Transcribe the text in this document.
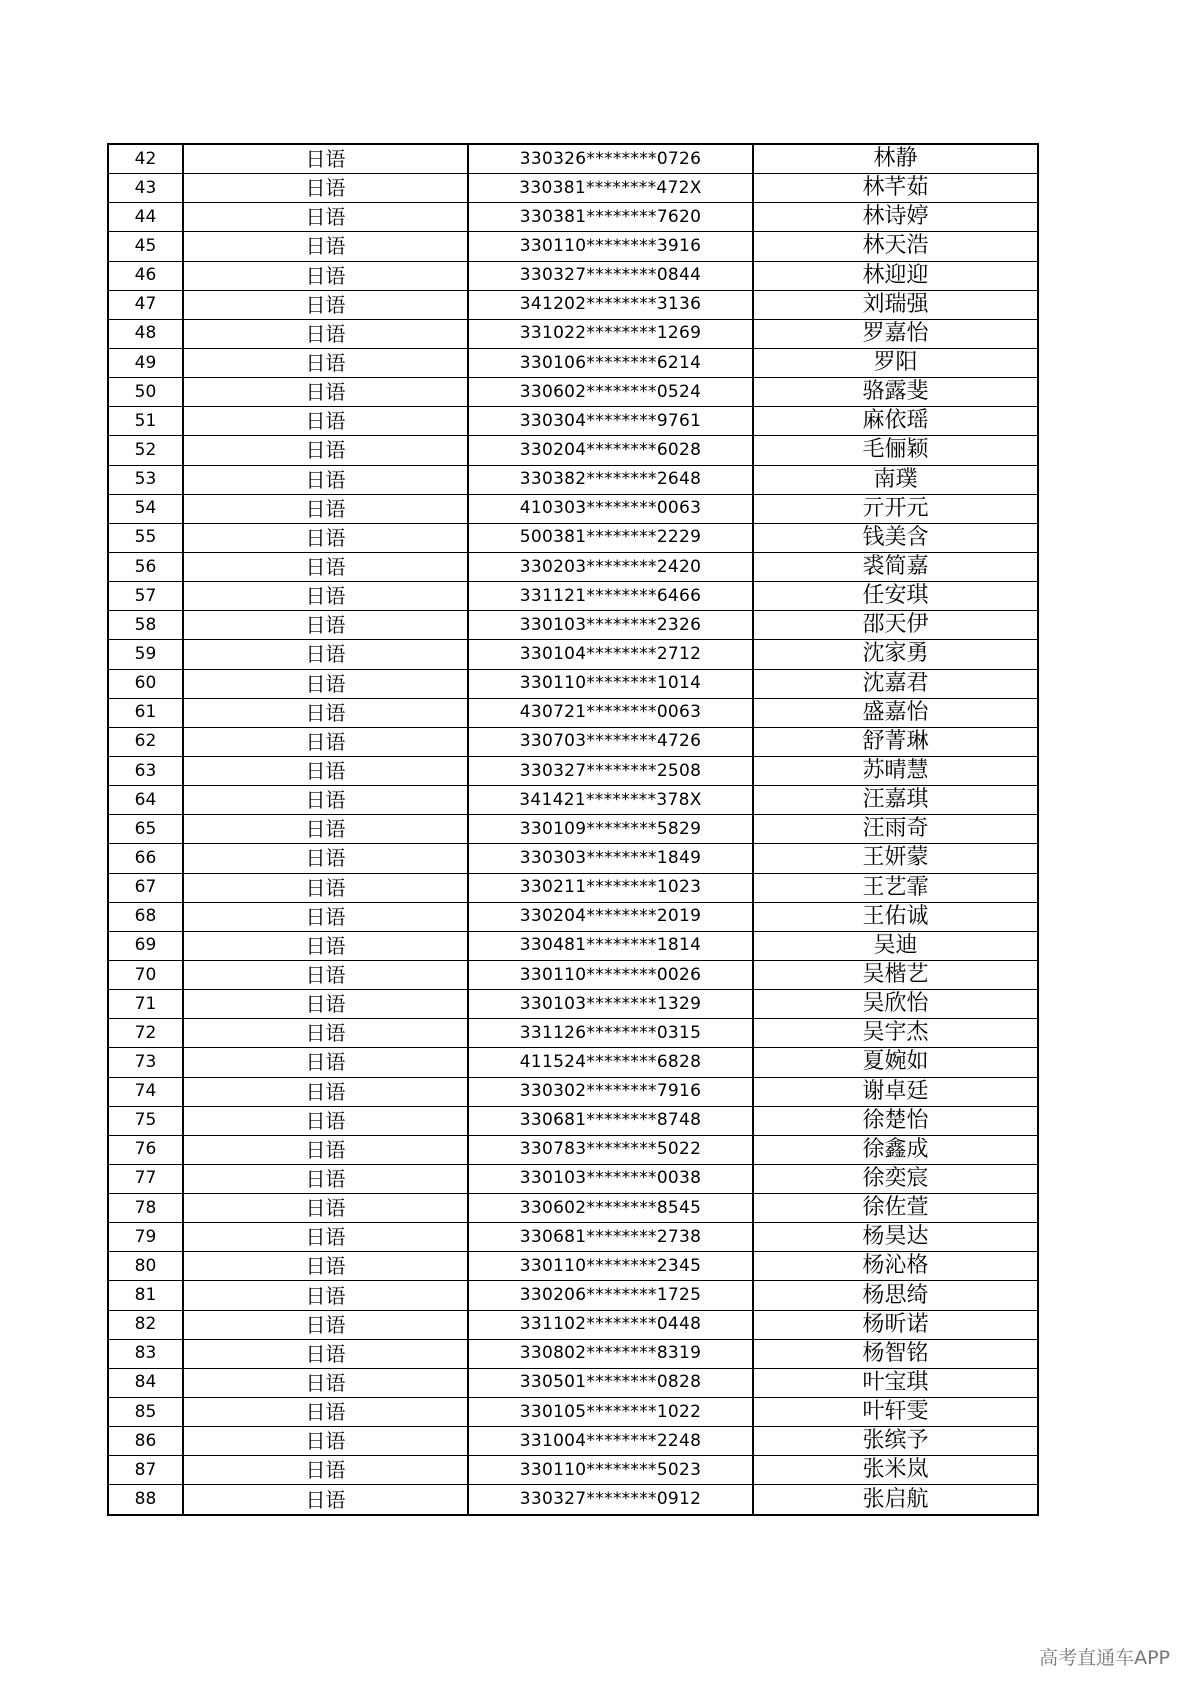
42	日语	330326********0726	林静
43	日语	330381********472X	林芊茹
44	日语	330381********7620	林诗婷
45	日语	330110********3916	林天浩
46	日语	330327********0844	林迎迎
47	日语	341202********3136	刘瑞强
48	日语	331022********1269	罗嘉怡
49	日语	330106********6214	罗阳
50	日语	330602********0524	骆露斐
51	日语	330304********9761	麻依瑶
52	日语	330204********6028	毛俪颖
53	日语	330382********2648	南璞
54	日语	410303********0063	亓开元
55	日语	500381********2229	钱美含
56	日语	330203********2420	裘简嘉
57	日语	331121********6466	任安琪
58	日语	330103********2326	邵天伊
59	日语	330104********2712	沈家勇
60	日语	330110********1014	沈嘉君
61	日语	430721********0063	盛嘉怡
62	日语	330703********4726	舒菁琳
63	日语	330327********2508	苏晴慧
64	日语	341421********378X	汪嘉琪
65	日语	330109********5829	汪雨奇
66	日语	330303********1849	王妍蒙
67	日语	330211********1023	王艺霏
68	日语	330204********2019	王佑诚
69	日语	330481********1814	吴迪
70	日语	330110********0026	吴楷艺
71	日语	330103********1329	吴欣怡
72	日语	331126********0315	吴宇杰
73	日语	411524********6828	夏婉如
74	日语	330302********7916	谢卓廷
75	日语	330681********8748	徐楚怡
76	日语	330783********5022	徐鑫成
77	日语	330103********0038	徐奕宸
78	日语	330602********8545	徐佐萱
79	日语	330681********2738	杨昊达
80	日语	330110********2345	杨沁格
81	日语	330206********1725	杨思绮
82	日语	331102********0448	杨昕诺
83	日语	330802********8319	杨智铭
84	日语	330501********0828	叶宝琪
85	日语	330105********1022	叶轩雯
86	日语	331004********2248	张缤予
87	日语	330110********5023	张米岚
88	日语	330327********0912	张启航
高考直通车APP
